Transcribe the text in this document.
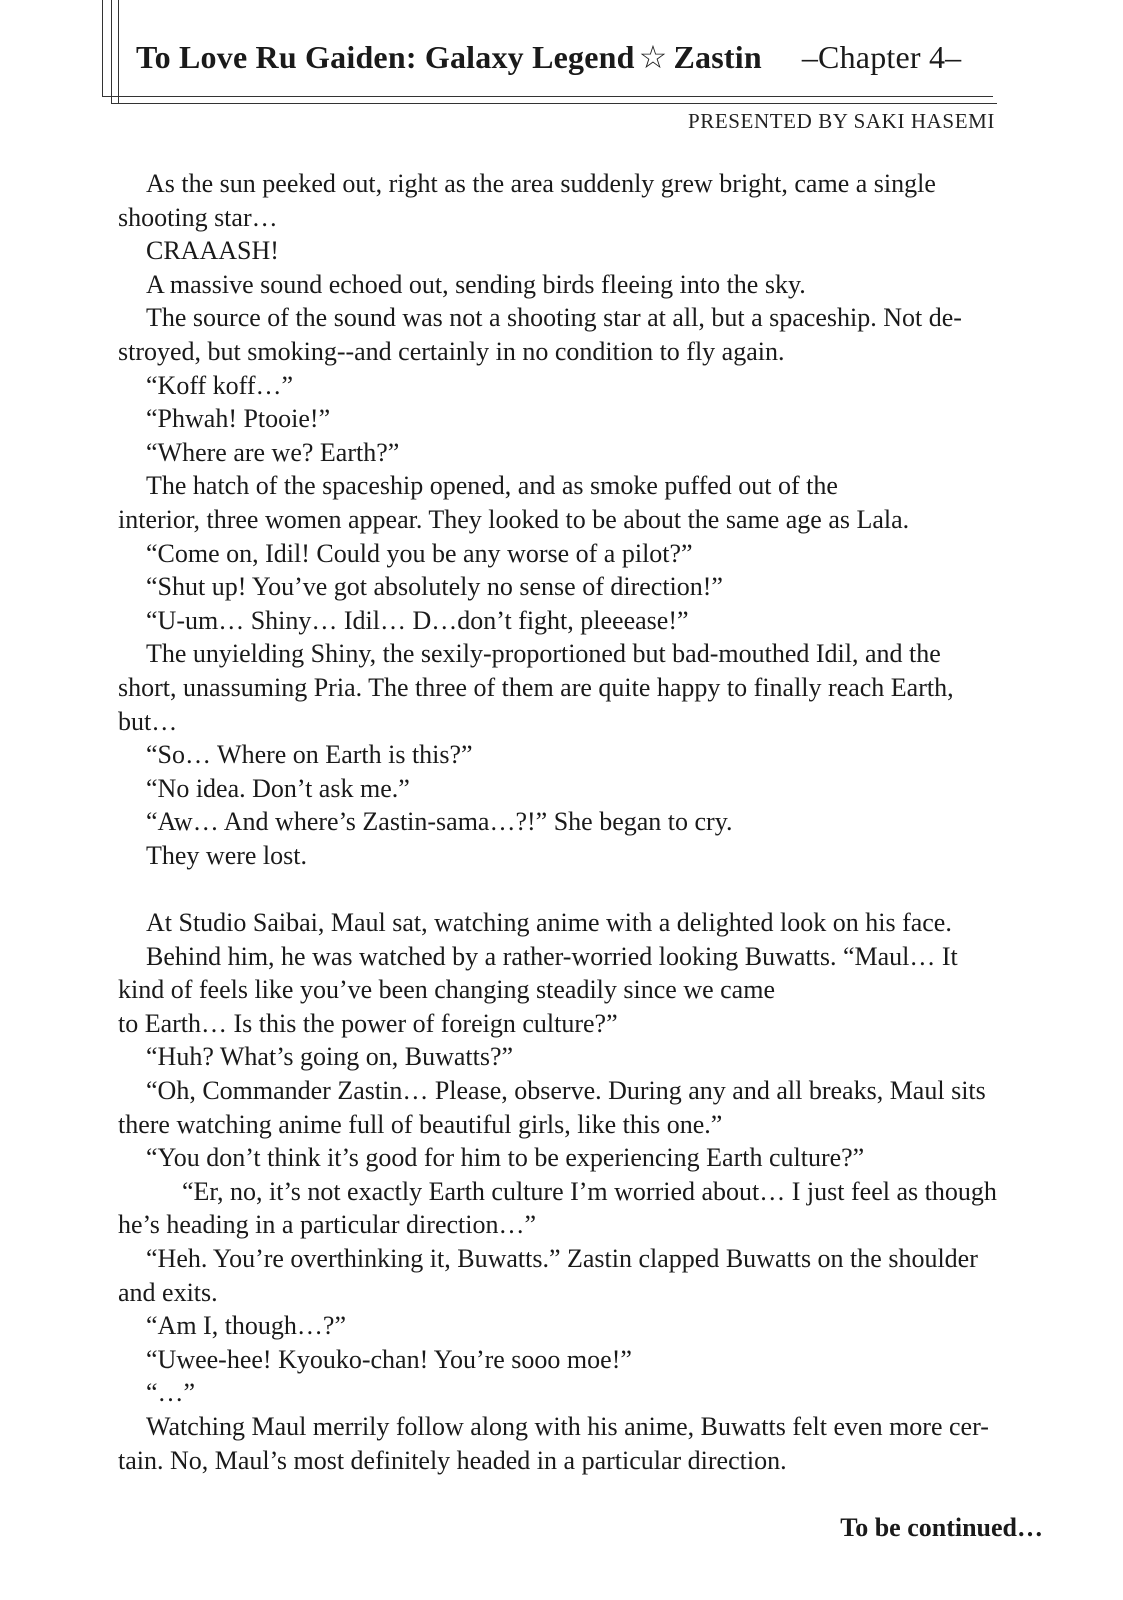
To Love Ru Gaiden: Galaxy Legend ☆ Zastin –Chapter 4–
PRESENTED BY SAKI HASEMI
As the sun peeked out, right as the area suddenly grew bright, came a single
shooting star…
CRAAASH!
A massive sound echoed out, sending birds fleeing into the sky.
The source of the sound was not a shooting star at all, but a spaceship. Not de-
stroyed, but smoking--and certainly in no condition to fly again.
“Koff koff…”
“Phwah! Ptooie!”
“Where are we? Earth?”
The hatch of the spaceship opened, and as smoke puffed out of the
interior, three women appear. They looked to be about the same age as Lala.
“Come on, Idil! Could you be any worse of a pilot?”
“Shut up! You’ve got absolutely no sense of direction!”
“U-um… Shiny… Idil… D…don’t fight, pleeease!”
The unyielding Shiny, the sexily-proportioned but bad-mouthed Idil, and the
short, unassuming Pria. The three of them are quite happy to finally reach Earth,
but…
“So… Where on Earth is this?”
“No idea. Don’t ask me.”
“Aw… And where’s Zastin-sama…?!” She began to cry.
They were lost.
At Studio Saibai, Maul sat, watching anime with a delighted look on his face.
Behind him, he was watched by a rather-worried looking Buwatts. “Maul… It
kind of feels like you’ve been changing steadily since we came
to Earth… Is this the power of foreign culture?”
“Huh? What’s going on, Buwatts?”
“Oh, Commander Zastin… Please, observe. During any and all breaks, Maul sits
there watching anime full of beautiful girls, like this one.”
“You don’t think it’s good for him to be experiencing Earth culture?”
“Er, no, it’s not exactly Earth culture I’m worried about… I just feel as though
he’s heading in a particular direction…”
“Heh. You’re overthinking it, Buwatts.” Zastin clapped Buwatts on the shoulder
and exits.
“Am I, though…?”
“Uwee-hee! Kyouko-chan! You’re sooo moe!”
“…”
Watching Maul merrily follow along with his anime, Buwatts felt even more cer-
tain. No, Maul’s most definitely headed in a particular direction.
To be continued…
